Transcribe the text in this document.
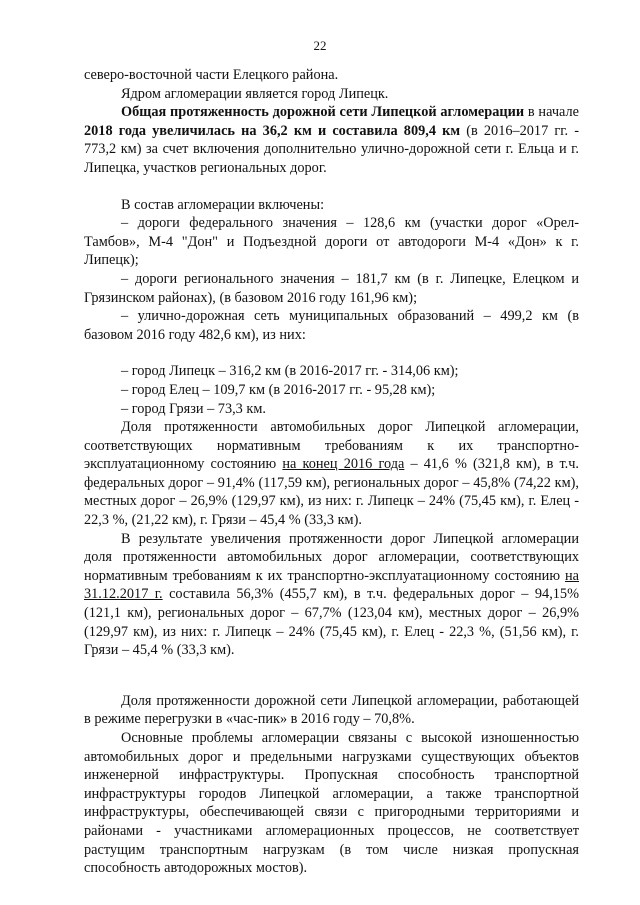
22

северо-восточной части Елецкого района.

Ядром агломерации является город Липецк.

Общая протяженность дорожной сети Липецкой агломерации в начале 2018 года увеличилась на 36,2 км и составила 809,4 км (в 2016–2017 гг. - 773,2 км) за счет включения дополнительно улично-дорожной сети г. Ельца и г. Липецка, участков региональных дорог.

В состав агломерации включены:

– дороги федерального значения – 128,6 км (участки дорог «Орел-Тамбов», М-4 "Дон" и Подъездной дороги от автодороги М-4 «Дон» к г. Липецк);

– дороги регионального значения – 181,7 км (в г. Липецке, Елецком и Грязинском районах), (в базовом 2016 году 161,96 км);

– улично-дорожная сеть муниципальных образований – 499,2 км (в базовом 2016 году 482,6 км), из них:

– город Липецк – 316,2 км (в 2016-2017 гг. - 314,06 км);

– город Елец – 109,7 км (в 2016-2017 гг. - 95,28 км);

– город Грязи – 73,3 км.

Доля протяженности автомобильных дорог Липецкой агломерации, соответствующих нормативным требованиям к их транспортно-эксплуатационному состоянию на конец 2016 года – 41,6 % (321,8 км), в т.ч. федеральных дорог – 91,4% (117,59 км), региональных дорог – 45,8% (74,22 км), местных дорог – 26,9% (129,97 км), из них: г. Липецк – 24% (75,45 км), г. Елец - 22,3 %, (21,22 км), г. Грязи – 45,4 % (33,3 км).

В результате увеличения протяженности дорог Липецкой агломерации доля протяженности автомобильных дорог агломерации, соответствующих нормативным требованиям к их транспортно-эксплуатационному состоянию на 31.12.2017 г. составила 56,3% (455,7 км), в т.ч. федеральных дорог – 94,15% (121,1 км), региональных дорог – 67,7% (123,04 км), местных дорог – 26,9% (129,97 км), из них: г. Липецк – 24% (75,45 км), г. Елец - 22,3 %, (51,56 км), г. Грязи – 45,4 % (33,3 км).

Доля протяженности дорожной сети Липецкой агломерации, работающей в режиме перегрузки в «час-пик» в 2016 году – 70,8%.

Основные проблемы агломерации связаны с высокой изношенностью автомобильных дорог и предельными нагрузками существующих объектов инженерной инфраструктуры. Пропускная способность транспортной инфраструктуры городов Липецкой агломерации, а также транспортной инфраструктуры, обеспечивающей связи с пригородными территориями и районами - участниками агломерационных процессов, не соответствует растущим транспортным нагрузкам (в том числе низкая пропускная способность автодорожных мостов).
